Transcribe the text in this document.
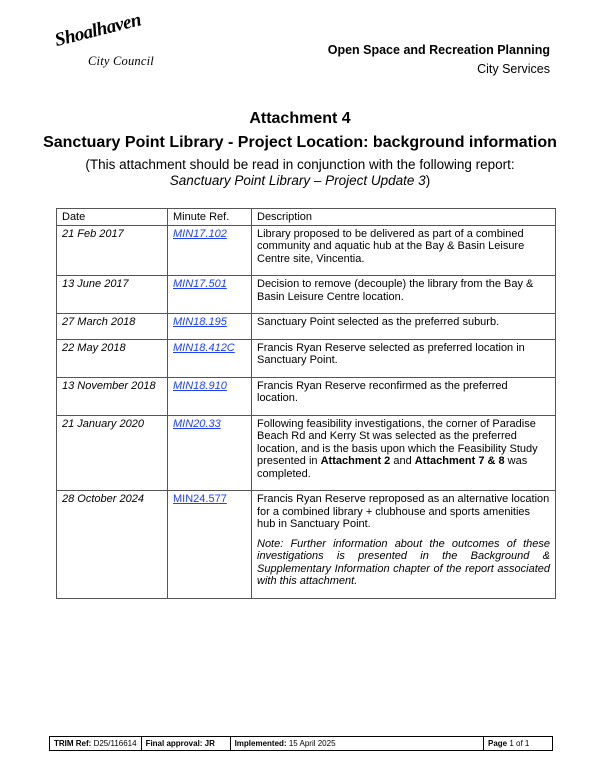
Shoalhaven
City Council
Open Space and Recreation Planning
City Services
Attachment 4
Sanctuary Point Library - Project Location: background information
(This attachment should be read in conjunction with the following report:
Sanctuary Point Library – Project Update 3)
Date	Minute Ref.	Description
21 Feb 2017	MIN17.102	Library proposed to be delivered as part of a combined community and aquatic hub at the Bay & Basin Leisure Centre site, Vincentia.
13 June 2017	MIN17.501	Decision to remove (decouple) the library from the Bay & Basin Leisure Centre location.
27 March 2018	MIN18.195	Sanctuary Point selected as the preferred suburb.
22 May 2018	MIN18.412C	Francis Ryan Reserve selected as preferred location in Sanctuary Point.
13 November 2018	MIN18.910	Francis Ryan Reserve reconfirmed as the preferred location.
21 January 2020	MIN20.33	Following feasibility investigations, the corner of Paradise Beach Rd and Kerry St was selected as the preferred location, and is the basis upon which the Feasibility Study presented in Attachment 2 and Attachment 7 & 8 was completed.
28 October 2024	MIN24.577	Francis Ryan Reserve reproposed as an alternative location for a combined library + clubhouse and sports amenities hub in Sanctuary Point.
Note: Further information about the outcomes of these investigations is presented in the Background & Supplementary Information chapter of the report associated with this attachment.
TRIM Ref: D25/116614	Final approval: JR	Implemented: 15 April 2025	Page 1 of 1
